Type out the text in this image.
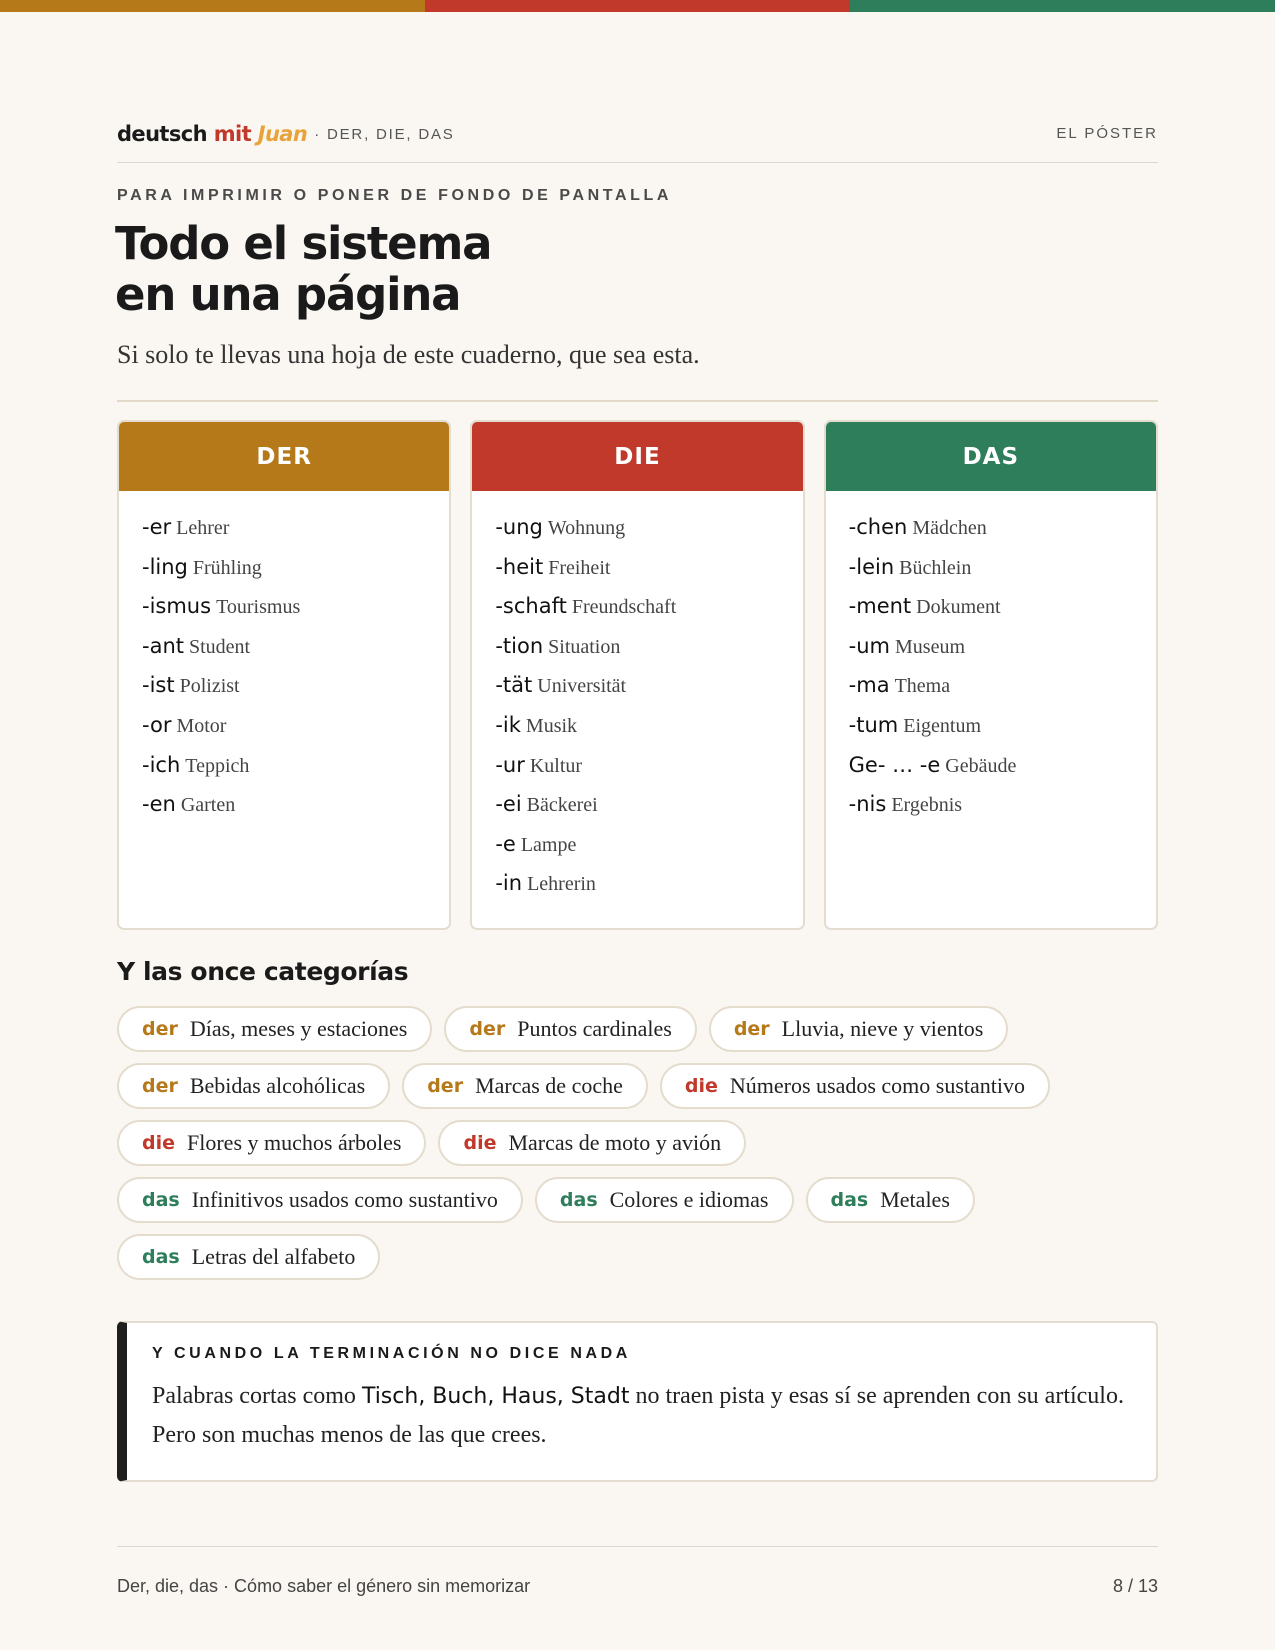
deutsch mit Juan · DER, DIE, DAS	EL PÓSTER
PARA IMPRIMIR O PONER DE FONDO DE PANTALLA
Todo el sistema
en una página

Si solo te llevas una hoja de este cuaderno, que sea esta.

DER
-er Lehrer
-ling Frühling
-ismus Tourismus
-ant Student
-ist Polizist
-or Motor
-ich Teppich
-en Garten
DIE
-ung Wohnung
-heit Freiheit
-schaft Freundschaft
-tion Situation
-tät Universität
-ik Musik
-ur Kultur
-ei Bäckerei
-e Lampe
-in Lehrerin
DAS
-chen Mädchen
-lein Büchlein
-ment Dokument
-um Museum
-ma Thema
-tum Eigentum
Ge- … -e Gebäude
-nis Ergebnis
Y las once categorías
der Días, meses y estaciones	der Puntos cardinales	der Lluvia, nieve y vientos
der Bebidas alcohólicas	der Marcas de coche	die Números usados como sustantivo
die Flores y muchos árboles	die Marcas de moto y avión
das Infinitivos usados como sustantivo	das Colores e idiomas	das Metales
das Letras del alfabeto
Y CUANDO LA TERMINACIÓN NO DICE NADA
Palabras cortas como Tisch, Buch, Haus, Stadt no traen pista y esas sí se aprenden con su artículo. Pero son muchas menos de las que crees.
Der, die, das · Cómo saber el género sin memorizar	8 / 13
